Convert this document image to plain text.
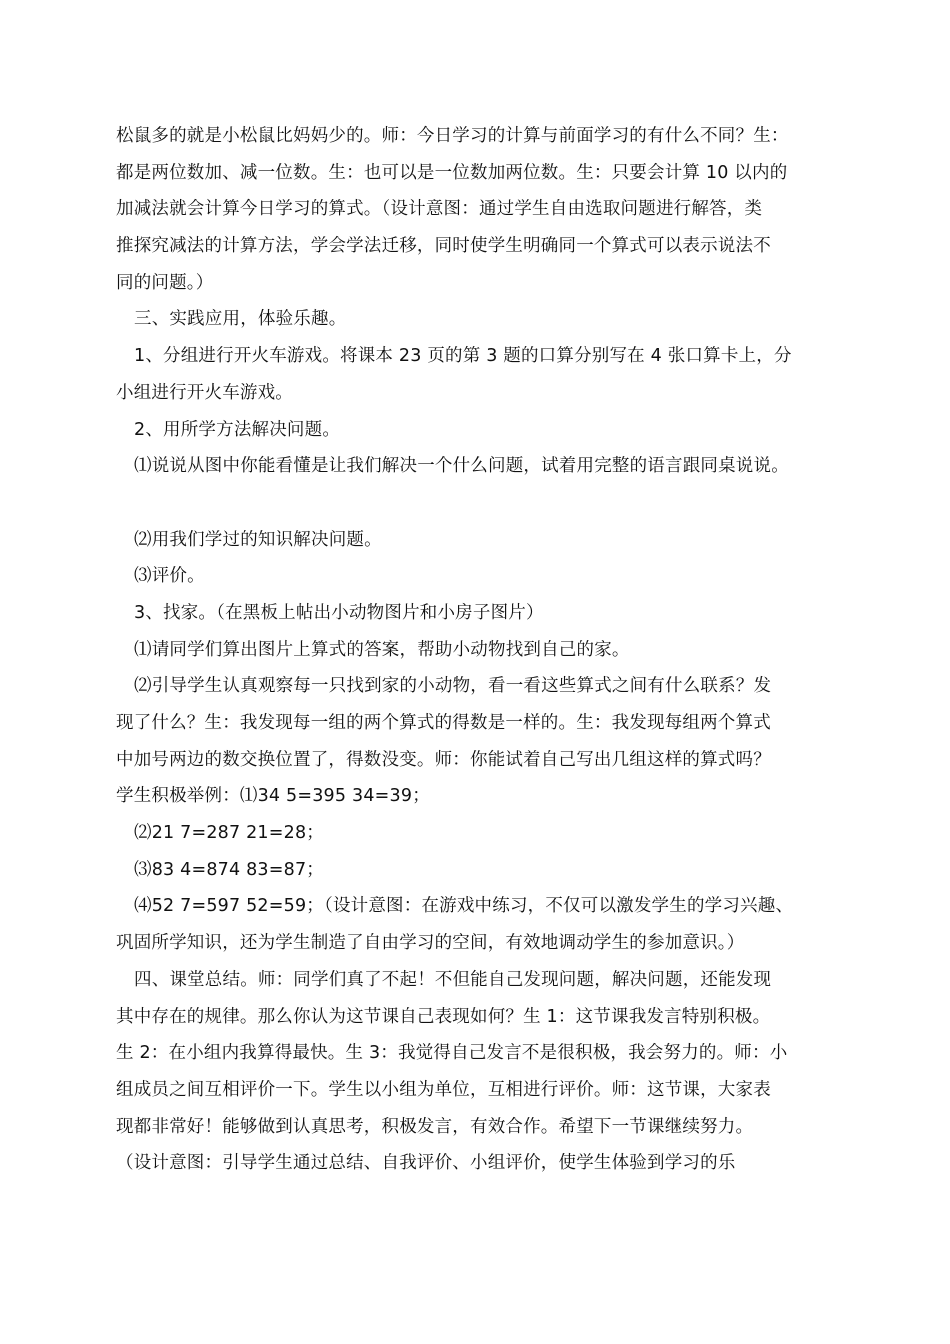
松鼠多的就是小松鼠比妈妈少的。师：今日学习的计算与前面学习的有什么不同？生：
都是两位数加、减一位数。生：也可以是一位数加两位数。生：只要会计算 10 以内的
加减法就会计算今日学习的算式。（设计意图：通过学生自由选取问题进行解答，类
推探究减法的计算方法，学会学法迁移，同时使学生明确同一个算式可以表示说法不
同的问题。）
三、实践应用，体验乐趣。
1、分组进行开火车游戏。将课本 23 页的第 3 题的口算分别写在 4 张口算卡上，分
小组进行开火车游戏。
2、用所学方法解决问题。
⑴说说从图中你能看懂是让我们解决一个什么问题，试着用完整的语言跟同桌说说。
⑵用我们学过的知识解决问题。
⑶评价。
3、找家。（在黑板上帖出小动物图片和小房子图片）
⑴请同学们算出图片上算式的答案，帮助小动物找到自己的家。
⑵引导学生认真观察每一只找到家的小动物，看一看这些算式之间有什么联系？发
现了什么？生：我发现每一组的两个算式的得数是一样的。生：我发现每组两个算式
中加号两边的数交换位置了，得数没变。师：你能试着自己写出几组这样的算式吗？
学生积极举例：⑴34 5=395 34=39；
⑵21 7=287 21=28；
⑶83 4=874 83=87；
⑷52 7=597 52=59；（设计意图：在游戏中练习，不仅可以激发学生的学习兴趣、
巩固所学知识，还为学生制造了自由学习的空间，有效地调动学生的参加意识。）
四、课堂总结。师：同学们真了不起！不但能自己发现问题，解决问题，还能发现
其中存在的规律。那么你认为这节课自己表现如何？生 1：这节课我发言特别积极。
生 2：在小组内我算得最快。生 3：我觉得自己发言不是很积极，我会努力的。师：小
组成员之间互相评价一下。学生以小组为单位，互相进行评价。师：这节课，大家表
现都非常好！能够做到认真思考，积极发言，有效合作。希望下一节课继续努力。
（设计意图：引导学生通过总结、自我评价、小组评价，使学生体验到学习的乐
